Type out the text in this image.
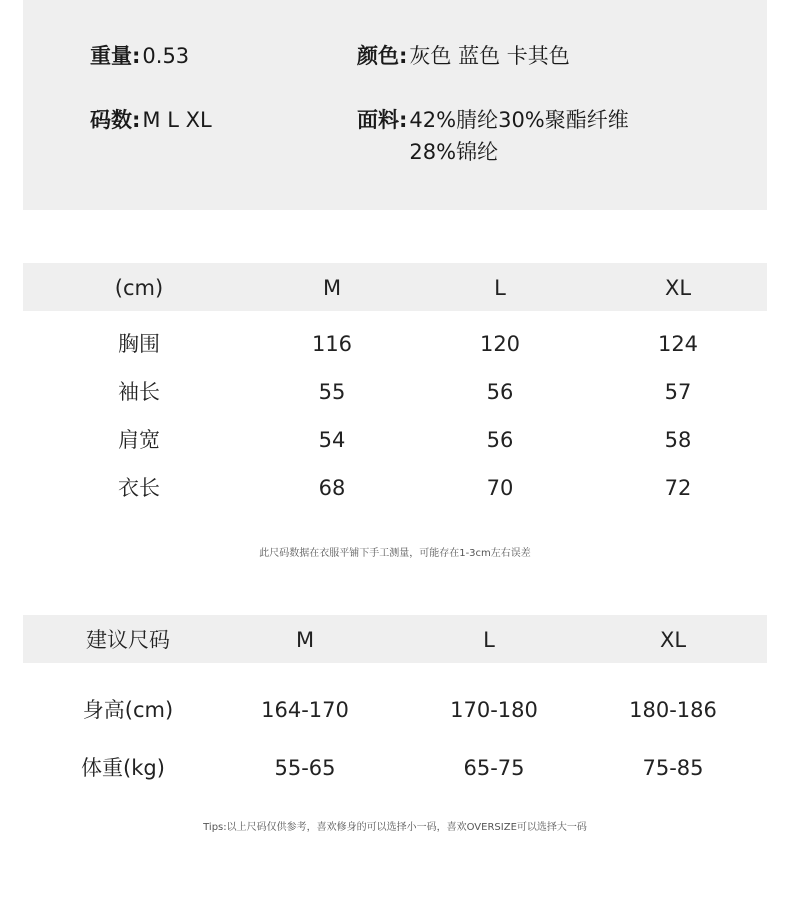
重量:0.53	颜色:灰色 蓝色 卡其色
码数:M L XL	面料:42%腈纶30%聚酯纤维
28%锦纶
(cm)	M	L	XL
胸围	116	120	124
袖长	55	56	57
肩宽	54	56	58
衣长	68	70	72
此尺码数据在衣服平铺下手工测量，可能存在1-3cm左右误差
建议尺码	M	L	XL
身高(cm)	164-170	170-180	180-186
体重(kg)	55-65	65-75	75-85
Tips:以上尺码仅供参考，喜欢修身的可以选择小一码，喜欢OVERSIZE可以选择大一码
